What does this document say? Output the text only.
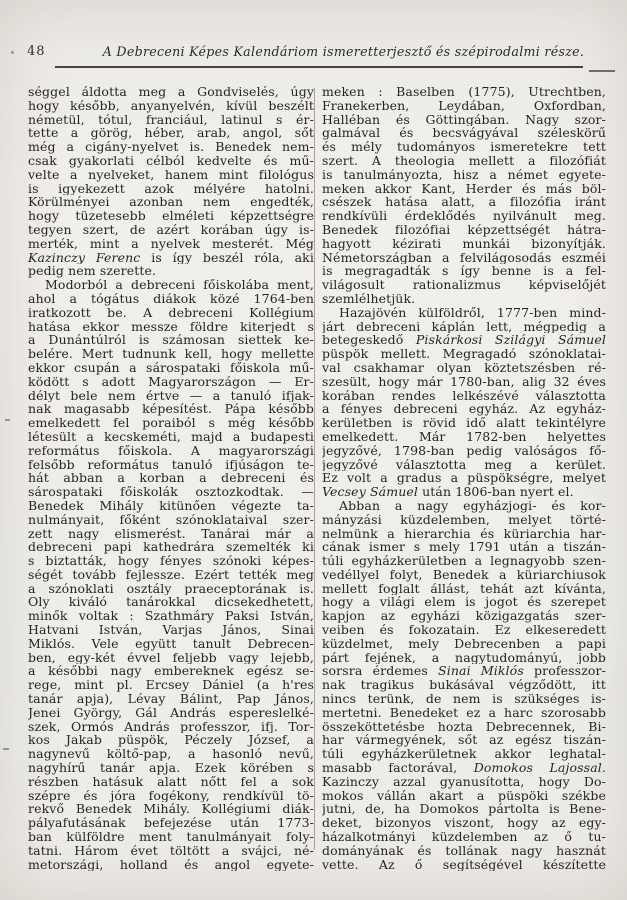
48	A Debreceni Képes Kalendáriom ismeretterjesztő és szépirodalmi része.
séggel áldotta meg a Gondviselés, úgy
hogy később, anyanyelvén, kívül beszélt
németül, tótul, franciául, latinul s ér-
tette a görög, héber, arab, angol, sőt
még a cigány-nyelvet is. Benedek nem-
csak gyakorlati célból kedvelte és mű-
velte a nyelveket, hanem mint filológus
is igyekezett azok mélyére hatolni.
Körülményei azonban nem engedték,
hogy tüzetesebb elméleti képzettségre
tegyen szert, de azért korában úgy is-
merték, mint a nyelvek mesterét. Még
Kazinczy Ferenc is így beszél róla, aki
pedig nem szerette.
Modorból a debreceni főiskolába ment,
ahol a tógátus diákok közé 1764-ben
iratkozott be. A debreceni Kollégium
hatása ekkor messze földre kiterjedt s
a Dunántúlról is számosan siettek ke-
belére. Mert tudnunk kell, hogy mellette
ekkor csupán a sárospataki főiskola mű-
ködött s adott Magyarországon — Er-
délyt bele nem értve — a tanuló ifjak-
nak magasabb képesítést. Pápa később
emelkedett fel poraiból s még később
létesült a kecskeméti, majd a budapesti
református főiskola. A magyarországi
felsőbb református tanuló ifjúságon te-
hát abban a korban a debreceni és
sárospataki főiskolák osztozkodtak. —
Benedek Mihály kitünően végezte ta-
nulmányait, főként szónoklataival szer-
zett nagy elismerést. Tanárai már a
debreceni papi kathedrára szemelték ki
s biztatták, hogy fényes szónoki képes-
ségét tovább fejlessze. Ezért tették meg
a szónoklati osztály praeceptorának is.
Oly kiváló tanárokkal dicsekedhetett,
minők voltak : Szathmáry Paksi István,
Hatvani István, Varjas János, Sinai
Miklós. Vele együtt tanult Debrecen-
ben, egy-két évvel feljebb vagy lejebb,
a későbbi nagy embereknek egész se-
rege, mint pl. Ercsey Dániel (a h'res
tanár apja), Lévay Bálint, Pap János,
Jenei György, Gál András espereslelké-
szek, Ormós András professzor, ifj. Tor-
kos Jakab püspök, Péczely József, a
nagynevű költő-pap, a hasonló nevű,
nagyhírű tanár apja. Ezek körében s
részben hatásuk alatt nőtt fel a sok
szépre és jóra fogékony, rendkívül tö-
rekvő Benedek Mihály. Kollégiumi diák-
pályafutásának befejezése után 1773-
ban külföldre ment tanulmányait foly-
tatni. Három évet töltött a svájci, né-
metországi, holland és angol egyete-
meken : Baselben (1775), Utrechtben,
Franekerben, Leydában, Oxfordban,
Halléban és Göttingában. Nagy szor-
galmával és becsvágyával széleskörű
és mély tudományos ismeretekre tett
szert. A theologia mellett a filozófiát
is tanulmányozta, hisz a német egyete-
meken akkor Kant, Herder és más böl-
csészek hatása alatt, a filozófia iránt
rendkívüli érdeklődés nyilvánult meg.
Benedek filozófiai képzettségét hátra-
hagyott kézirati munkái bizonyítják.
Németországban a felvilágosodás eszméi
is megragadták s így benne is a fel-
világosult rationalizmus képviselőjét
szemlélhetjük.
Hazajövén külföldről, 1777-ben mind-
járt debreceni káplán lett, mégpedig a
betegeskedő Piskárkosi Szilágyi Sámuel
püspök mellett. Megragadó szónoklatai-
val csakhamar olyan köztetszésben ré-
szesült, hogy már 1780-ban, alig 32 éves
korában rendes lelkészévé választotta
a fényes debreceni egyház. Az egyház-
kerületben is rövid idő alatt tekintélyre
emelkedett. Már 1782-ben helyettes
jegyzővé, 1798-ban pedig valóságos fő-
jegyzővé választotta meg a kerület.
Ez volt a gradus a püspökségre, melyet
Vecsey Sámuel után 1806-ban nyert el.
Abban a nagy egyházjogi- és kor-
mányzási küzdelemben, melyet törté-
nelmünk a hierarchia és küriarchia har-
cának ismer s mely 1791 után a tiszán-
túli egyházkerületben a legnagyobb szen-
vedéllyel folyt, Benedek a küriarchiusok
mellett foglalt állást, tehát azt kívánta,
hogy a világi elem is jogot és szerepet
kapjon az egyházi közigazgatás szer-
veiben és fokozatain. Ez elkeseredett
küzdelmet, mely Debrecenben a papi
párt fejének, a nagytudományú, jobb
sorsra érdemes Sinai Miklós professzor-
nak tragikus bukásával végződött, itt
nincs terünk, de nem is szükséges is-
mertetni. Benedeket ez a harc szorosabb
összeköttetésbe hozta Debrecennek, Bi-
har vármegyének, sőt az egész tiszán-
túli egyházkerületnek akkor leghatal-
masabb factorával, Domokos Lajossal.
Kazinczy azzal gyanusította, hogy Do-
mokos vállán akart a püspöki székbe
jutni, de, ha Domokos pártolta is Bene-
deket, bizonyos viszont, hogy az egy-
házalkotmányi küzdelemben az ő tu-
dományának és tollának nagy hasznát
vette. Az ő segítségével készítette
